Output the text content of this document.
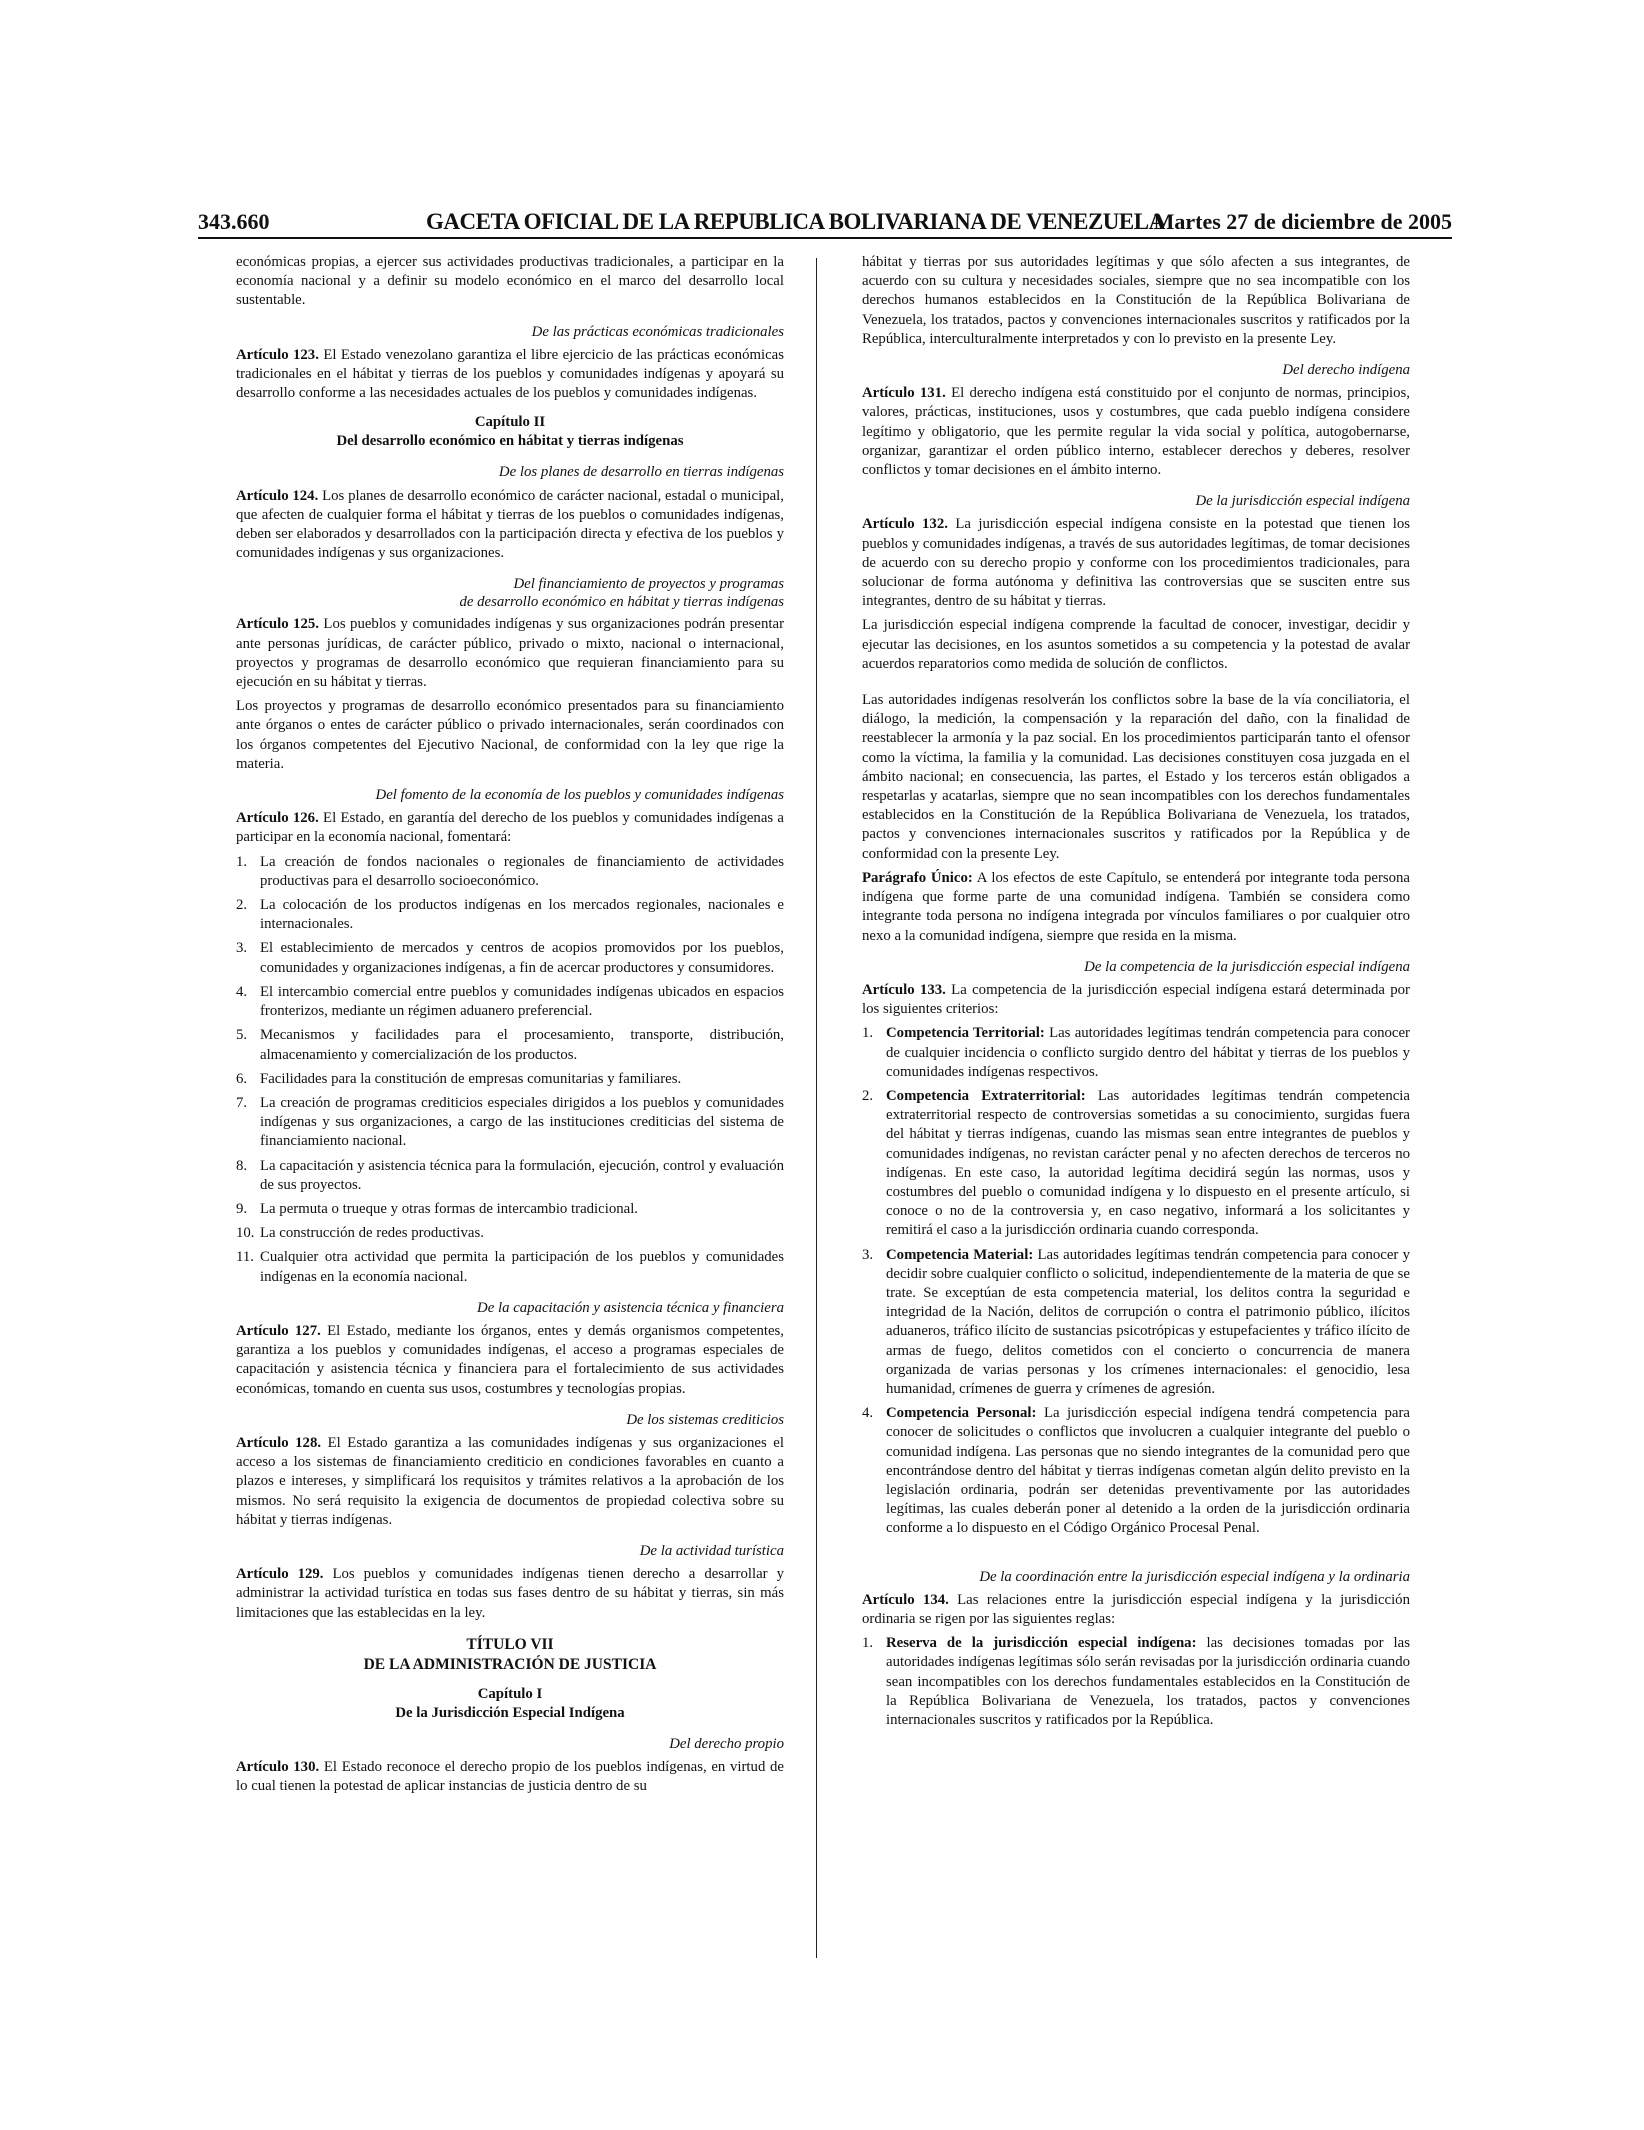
343.660	GACETA OFICIAL DE LA REPUBLICA BOLIVARIANA DE VENEZUELA
Martes 27 de diciembre de 2005

económicas propias, a ejercer sus actividades productivas tradicionales, a participar en la economía nacional y a definir su modelo económico en el marco del desarrollo local sustentable.

De las prácticas económicas tradicionales

Artículo 123. El Estado venezolano garantiza el libre ejercicio de las prácticas económicas tradicionales en el hábitat y tierras de los pueblos y comunidades indígenas y apoyará su desarrollo conforme a las necesidades actuales de los pueblos y comunidades indígenas.

Capítulo II
Del desarrollo económico en hábitat y tierras indígenas
De los planes de desarrollo en tierras indígenas

Artículo 124. Los planes de desarrollo económico de carácter nacional, estadal o municipal, que afecten de cualquier forma el hábitat y tierras de los pueblos o comunidades indígenas, deben ser elaborados y desarrollados con la participación directa y efectiva de los pueblos y comunidades indígenas y sus organizaciones.

Del financiamiento de proyectos y programas
de desarrollo económico en hábitat y tierras indígenas

Artículo 125. Los pueblos y comunidades indígenas y sus organizaciones podrán presentar ante personas jurídicas, de carácter público, privado o mixto, nacional o internacional, proyectos y programas de desarrollo económico que requieran financiamiento para su ejecución en su hábitat y tierras.

Los proyectos y programas de desarrollo económico presentados para su financiamiento ante órganos o entes de carácter público o privado internacionales, serán coordinados con los órganos competentes del Ejecutivo Nacional, de conformidad con la ley que rige la materia.

Del fomento de la economía de los pueblos y comunidades indígenas

Artículo 126. El Estado, en garantía del derecho de los pueblos y comunidades indígenas a participar en la economía nacional, fomentará:

1. La creación de fondos nacionales o regionales de financiamiento de actividades productivas para el desarrollo socioeconómico.
2. La colocación de los productos indígenas en los mercados regionales, nacionales e internacionales.
3. El establecimiento de mercados y centros de acopios promovidos por los pueblos, comunidades y organizaciones indígenas, a fin de acercar productores y consumidores.
4. El intercambio comercial entre pueblos y comunidades indígenas ubicados en espacios fronterizos, mediante un régimen aduanero preferencial.
5. Mecanismos y facilidades para el procesamiento, transporte, distribución, almacenamiento y comercialización de los productos.
6. Facilidades para la constitución de empresas comunitarias y familiares.
7. La creación de programas crediticios especiales dirigidos a los pueblos y comunidades indígenas y sus organizaciones, a cargo de las instituciones crediticias del sistema de financiamiento nacional.
8. La capacitación y asistencia técnica para la formulación, ejecución, control y evaluación de sus proyectos.
9. La permuta o trueque y otras formas de intercambio tradicional.
10. La construcción de redes productivas.
11. Cualquier otra actividad que permita la participación de los pueblos y comunidades indígenas en la economía nacional.
De la capacitación y asistencia técnica y financiera

Artículo 127. El Estado, mediante los órganos, entes y demás organismos competentes, garantiza a los pueblos y comunidades indígenas, el acceso a programas especiales de capacitación y asistencia técnica y financiera para el fortalecimiento de sus actividades económicas, tomando en cuenta sus usos, costumbres y tecnologías propias.

De los sistemas crediticios

Artículo 128. El Estado garantiza a las comunidades indígenas y sus organizaciones el acceso a los sistemas de financiamiento crediticio en condiciones favorables en cuanto a plazos e intereses, y simplificará los requisitos y trámites relativos a la aprobación de los mismos. No será requisito la exigencia de documentos de propiedad colectiva sobre su hábitat y tierras indígenas.

De la actividad turística

Artículo 129. Los pueblos y comunidades indígenas tienen derecho a desarrollar y administrar la actividad turística en todas sus fases dentro de su hábitat y tierras, sin más limitaciones que las establecidas en la ley.

TÍTULO VII
DE LA ADMINISTRACIÓN DE JUSTICIA
Capítulo I
De la Jurisdicción Especial Indígena
Del derecho propio

Artículo 130. El Estado reconoce el derecho propio de los pueblos indígenas, en virtud de lo cual tienen la potestad de aplicar instancias de justicia dentro de su

hábitat y tierras por sus autoridades legítimas y que sólo afecten a sus integrantes, de acuerdo con su cultura y necesidades sociales, siempre que no sea incompatible con los derechos humanos establecidos en la Constitución de la República Bolivariana de Venezuela, los tratados, pactos y convenciones internacionales suscritos y ratificados por la República, interculturalmente interpretados y con lo previsto en la presente Ley.

Del derecho indígena

Artículo 131. El derecho indígena está constituido por el conjunto de normas, principios, valores, prácticas, instituciones, usos y costumbres, que cada pueblo indígena considere legítimo y obligatorio, que les permite regular la vida social y política, autogobernarse, organizar, garantizar el orden público interno, establecer derechos y deberes, resolver conflictos y tomar decisiones en el ámbito interno.

De la jurisdicción especial indígena

Artículo 132. La jurisdicción especial indígena consiste en la potestad que tienen los pueblos y comunidades indígenas, a través de sus autoridades legítimas, de tomar decisiones de acuerdo con su derecho propio y conforme con los procedimientos tradicionales, para solucionar de forma autónoma y definitiva las controversias que se susciten entre sus integrantes, dentro de su hábitat y tierras.

La jurisdicción especial indígena comprende la facultad de conocer, investigar, decidir y ejecutar las decisiones, en los asuntos sometidos a su competencia y la potestad de avalar acuerdos reparatorios como medida de solución de conflictos.

Las autoridades indígenas resolverán los conflictos sobre la base de la vía conciliatoria, el diálogo, la medición, la compensación y la reparación del daño, con la finalidad de reestablecer la armonía y la paz social. En los procedimientos participarán tanto el ofensor como la víctima, la familia y la comunidad. Las decisiones constituyen cosa juzgada en el ámbito nacional; en consecuencia, las partes, el Estado y los terceros están obligados a respetarlas y acatarlas, siempre que no sean incompatibles con los derechos fundamentales establecidos en la Constitución de la República Bolivariana de Venezuela, los tratados, pactos y convenciones internacionales suscritos y ratificados por la República y de conformidad con la presente Ley.

Parágrafo Único: A los efectos de este Capítulo, se entenderá por integrante toda persona indígena que forme parte de una comunidad indígena. También se considera como integrante toda persona no indígena integrada por vínculos familiares o por cualquier otro nexo a la comunidad indígena, siempre que resida en la misma.

De la competencia de la jurisdicción especial indígena

Artículo 133. La competencia de la jurisdicción especial indígena estará determinada por los siguientes criterios:

1. Competencia Territorial: Las autoridades legítimas tendrán competencia para conocer de cualquier incidencia o conflicto surgido dentro del hábitat y tierras de los pueblos y comunidades indígenas respectivos.
2. Competencia Extraterritorial: Las autoridades legítimas tendrán competencia extraterritorial respecto de controversias sometidas a su conocimiento, surgidas fuera del hábitat y tierras indígenas, cuando las mismas sean entre integrantes de pueblos y comunidades indígenas, no revistan carácter penal y no afecten derechos de terceros no indígenas. En este caso, la autoridad legítima decidirá según las normas, usos y costumbres del pueblo o comunidad indígena y lo dispuesto en el presente artículo, si conoce o no de la controversia y, en caso negativo, informará a los solicitantes y remitirá el caso a la jurisdicción ordinaria cuando corresponda.
3. Competencia Material: Las autoridades legítimas tendrán competencia para conocer y decidir sobre cualquier conflicto o solicitud, independientemente de la materia de que se trate. Se exceptúan de esta competencia material, los delitos contra la seguridad e integridad de la Nación, delitos de corrupción o contra el patrimonio público, ilícitos aduaneros, tráfico ilícito de sustancias psicotrópicas y estupefacientes y tráfico ilícito de armas de fuego, delitos cometidos con el concierto o concurrencia de manera organizada de varias personas y los crímenes internacionales: el genocidio, lesa humanidad, crímenes de guerra y crímenes de agresión.
4. Competencia Personal: La jurisdicción especial indígena tendrá competencia para conocer de solicitudes o conflictos que involucren a cualquier integrante del pueblo o comunidad indígena. Las personas que no siendo integrantes de la comunidad pero que encontrándose dentro del hábitat y tierras indígenas cometan algún delito previsto en la legislación ordinaria, podrán ser detenidas preventivamente por las autoridades legítimas, las cuales deberán poner al detenido a la orden de la jurisdicción ordinaria conforme a lo dispuesto en el Código Orgánico Procesal Penal.
De la coordinación entre la jurisdicción especial indígena y la ordinaria

Artículo 134. Las relaciones entre la jurisdicción especial indígena y la jurisdicción ordinaria se rigen por las siguientes reglas:

1. Reserva de la jurisdicción especial indígena: las decisiones tomadas por las autoridades indígenas legítimas sólo serán revisadas por la jurisdicción ordinaria cuando sean incompatibles con los derechos fundamentales establecidos en la Constitución de la República Bolivariana de Venezuela, los tratados, pactos y convenciones internacionales suscritos y ratificados por la República.
